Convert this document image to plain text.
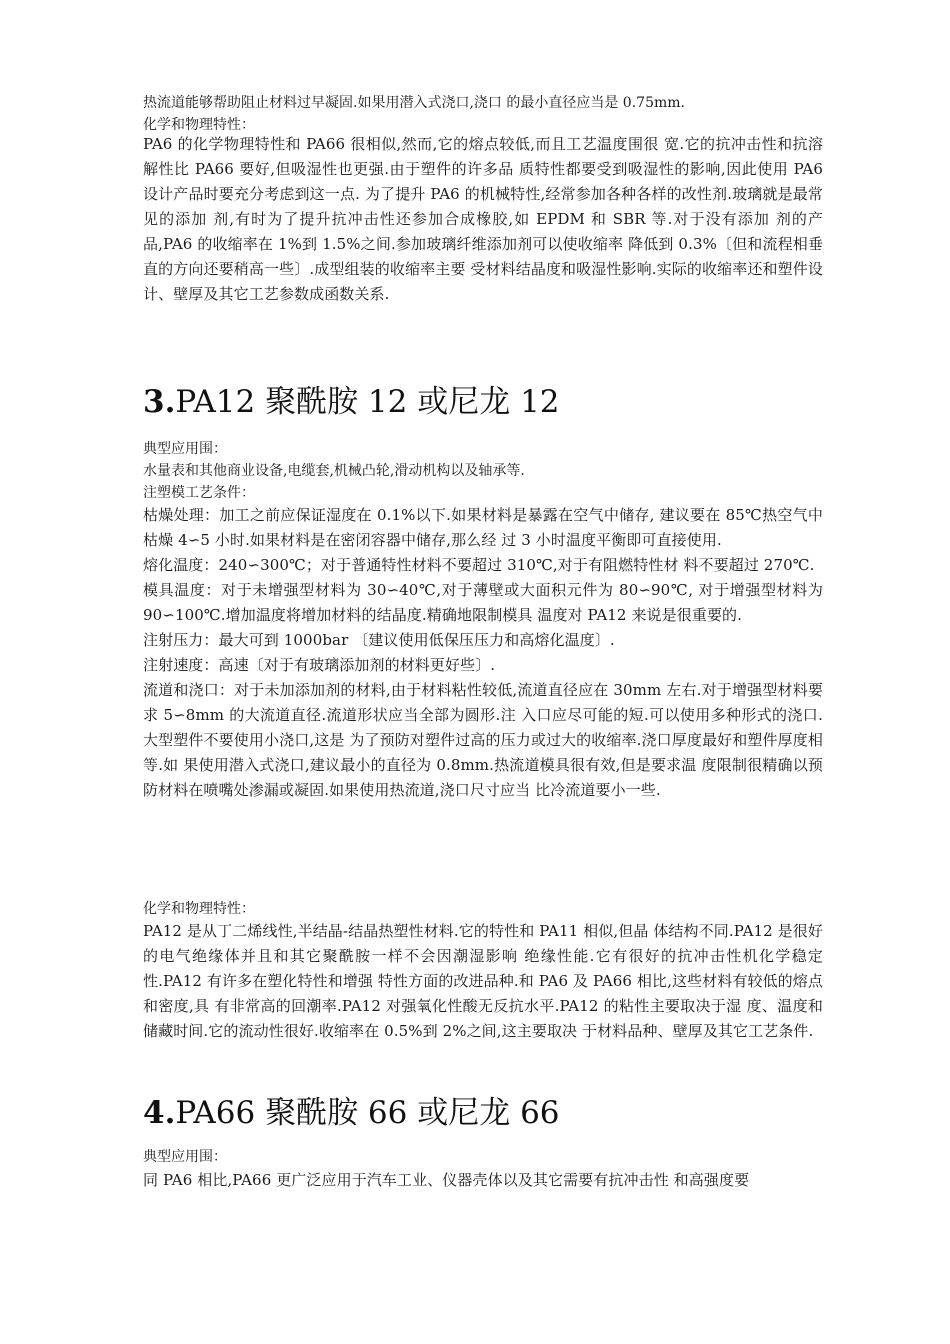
热流道能够帮助阻止材料过早凝固.如果用潜入式浇口,浇口 的最小直径应当是 0.75mm.

化学和物理特性：

PA6 的化学物理特性和 PA66 很相似,然而,它的熔点较低,而且工艺温度围很 宽.它的抗冲击性和抗溶解性比 PA66 要好,但吸湿性也更强.由于塑件的许多品 质特性都要受到吸湿性的影响,因此使用 PA6 设计产品时要充分考虑到这一点. 为了提升 PA6 的机械特性,经常参加各种各样的改性剂.玻璃就是最常见的添加 剂,有时为了提升抗冲击性还参加合成橡胶,如 EPDM 和 SBR 等.对于没有添加 剂的产品,PA6 的收缩率在 1%到 1.5%之间.参加玻璃纤维添加剂可以使收缩率 降低到 0.3%〔但和流程相垂直的方向还要稍高一些〕.成型组装的收缩率主要 受材料结晶度和吸湿性影响.实际的收缩率还和塑件设计、壁厚及其它工艺参数成函数关系.

3.PA12 聚酰胺 12 或尼龙 12

典型应用围：

水量表和其他商业设备,电缆套,机械凸轮,滑动机构以及轴承等.

注塑模工艺条件：

枯燥处理：加工之前应保证湿度在 0.1%以下.如果材料是暴露在空气中储存, 建议要在 85℃热空气中枯燥 4∽5 小时.如果材料是在密闭容器中储存,那么经 过 3 小时温度平衡即可直接使用.

熔化温度：240∽300℃；对于普通特性材料不要超过 310℃,对于有阻燃特性材 料不要超过 270℃.

模具温度：对于未增强型材料为 30∽40℃,对于薄壁或大面积元件为 80∽90℃, 对于增强型材料为 90∽100℃.增加温度将增加材料的结晶度.精确地限制模具 温度对 PA12 来说是很重要的.

注射压力：最大可到 1000bar 〔建议使用低保压压力和高熔化温度〕.

注射速度：高速〔对于有玻璃添加剂的材料更好些〕.

流道和浇口：对于未加添加剂的材料,由于材料粘性较低,流道直径应在 30mm 左右.对于增强型材料要求 5∽8mm 的大流道直径.流道形状应当全部为圆形.注 入口应尽可能的短.可以使用多种形式的浇口.大型塑件不要使用小浇口,这是 为了预防对塑件过高的压力或过大的收缩率.浇口厚度最好和塑件厚度相等.如 果使用潜入式浇口,建议最小的直径为 0.8mm.热流道模具很有效,但是要求温 度限制很精确以预防材料在喷嘴处渗漏或凝固.如果使用热流道,浇口尺寸应当 比冷流道要小一些.

化学和物理特性：

PA12 是从丁二烯线性,半结晶-结晶热塑性材料.它的特性和 PA11 相似,但晶 体结构不同.PA12 是很好的电气绝缘体并且和其它聚酰胺一样不会因潮湿影响 绝缘性能.它有很好的抗冲击性机化学稳定性.PA12 有许多在塑化特性和增强 特性方面的改进品种.和 PA6 及 PA66 相比,这些材料有较低的熔点和密度,具 有非常高的回潮率.PA12 对强氧化性酸无反抗水平.PA12 的粘性主要取决于湿 度、温度和储藏时间.它的流动性很好.收缩率在 0.5%到 2%之间,这主要取决 于材料品种、壁厚及其它工艺条件.

4.PA66 聚酰胺 66 或尼龙 66

典型应用围：

同 PA6 相比,PA66 更广泛应用于汽车工业、仪器壳体以及其它需要有抗冲击性 和高强度要
